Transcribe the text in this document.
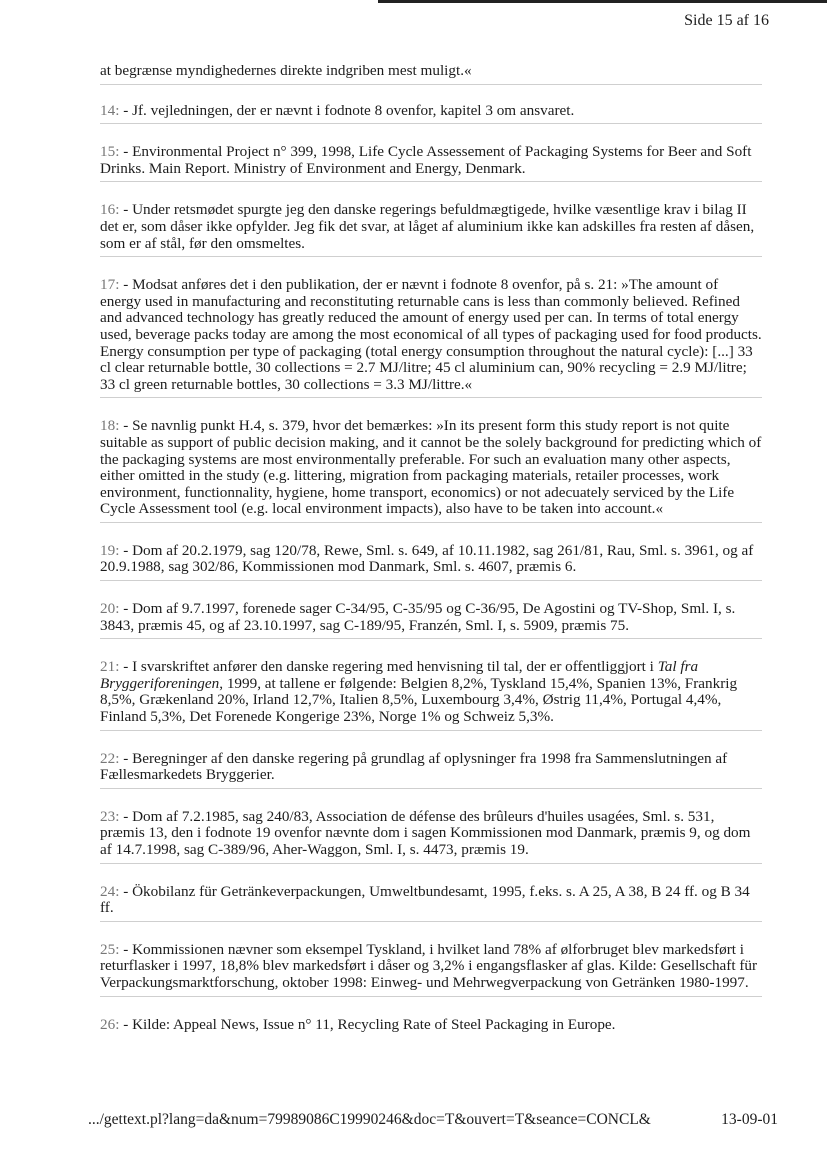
Side 15 af 16
at begrænse myndighedernes direkte indgriben mest muligt.«
14: - Jf. vejledningen, der er nævnt i fodnote 8 ovenfor, kapitel 3 om ansvaret.
15: - Environmental Project n° 399, 1998, Life Cycle Assessement of Packaging Systems for Beer and Soft Drinks. Main Report. Ministry of Environment and Energy, Denmark.
16: - Under retsmødet spurgte jeg den danske regerings befuldmægtigede, hvilke væsentlige krav i bilag II det er, som dåser ikke opfylder. Jeg fik det svar, at låget af aluminium ikke kan adskilles fra resten af dåsen, som er af stål, før den omsmeltes.
17: - Modsat anføres det i den publikation, der er nævnt i fodnote 8 ovenfor, på s. 21: »The amount of energy used in manufacturing and reconstituting returnable cans is less than commonly believed. Refined and advanced technology has greatly reduced the amount of energy used per can. In terms of total energy used, beverage packs today are among the most economical of all types of packaging used for food products. Energy consumption per type of packaging (total energy consumption throughout the natural cycle): [...] 33 cl clear returnable bottle, 30 collections = 2.7 MJ/litre; 45 cl aluminium can, 90% recycling = 2.9 MJ/litre; 33 cl green returnable bottles, 30 collections = 3.3 MJ/littre.«
18: - Se navnlig punkt H.4, s. 379, hvor det bemærkes: »In its present form this study report is not quite suitable as support of public decision making, and it cannot be the solely background for predicting which of the packaging systems are most environmentally preferable. For such an evaluation many other aspects, either omitted in the study (e.g. littering, migration from packaging materials, retailer processes, work environment, functionnality, hygiene, home transport, economics) or not adecuately serviced by the Life Cycle Assessment tool (e.g. local environment impacts), also have to be taken into account.«
19: - Dom af 20.2.1979, sag 120/78, Rewe, Sml. s. 649, af 10.11.1982, sag 261/81, Rau, Sml. s. 3961, og af 20.9.1988, sag 302/86, Kommissionen mod Danmark, Sml. s. 4607, præmis 6.
20: - Dom af 9.7.1997, forenede sager C-34/95, C-35/95 og C-36/95, De Agostini og TV-Shop, Sml. I, s. 3843, præmis 45, og af 23.10.1997, sag C-189/95, Franzén, Sml. I, s. 5909, præmis 75.
21: - I svarskriftet anfører den danske regering med henvisning til tal, der er offentliggjort i Tal fra Bryggeriforeningen, 1999, at tallene er følgende: Belgien 8,2%, Tyskland 15,4%, Spanien 13%, Frankrig 8,5%, Grækenland 20%, Irland 12,7%, Italien 8,5%, Luxembourg 3,4%, Østrig 11,4%, Portugal 4,4%, Finland 5,3%, Det Forenede Kongerige 23%, Norge 1% og Schweiz 5,3%.
22: - Beregninger af den danske regering på grundlag af oplysninger fra 1998 fra Sammenslutningen af Fællesmarkedets Bryggerier.
23: - Dom af 7.2.1985, sag 240/83, Association de défense des brûleurs d'huiles usagées, Sml. s. 531, præmis 13, den i fodnote 19 ovenfor nævnte dom i sagen Kommissionen mod Danmark, præmis 9, og dom af 14.7.1998, sag C-389/96, Aher-Waggon, Sml. I, s. 4473, præmis 19.
24: - Ökobilanz für Getränkeverpackungen, Umweltbundesamt, 1995, f.eks. s. A 25, A 38, B 24 ff. og B 34 ff.
25: - Kommissionen nævner som eksempel Tyskland, i hvilket land 78% af ølforbruget blev markedsført i returflasker i 1997, 18,8% blev markedsført i dåser og 3,2% i engangsflasker af glas. Kilde: Gesellschaft für Verpackungsmarktforschung, oktober 1998: Einweg- und Mehrwegverpackung von Getränken 1980-1997.
26: - Kilde: Appeal News, Issue n° 11, Recycling Rate of Steel Packaging in Europe.
.../gettext.pl?lang=da&num=79989086C19990246&doc=T&ouvert=T&seance=CONCL&	13-09-01
